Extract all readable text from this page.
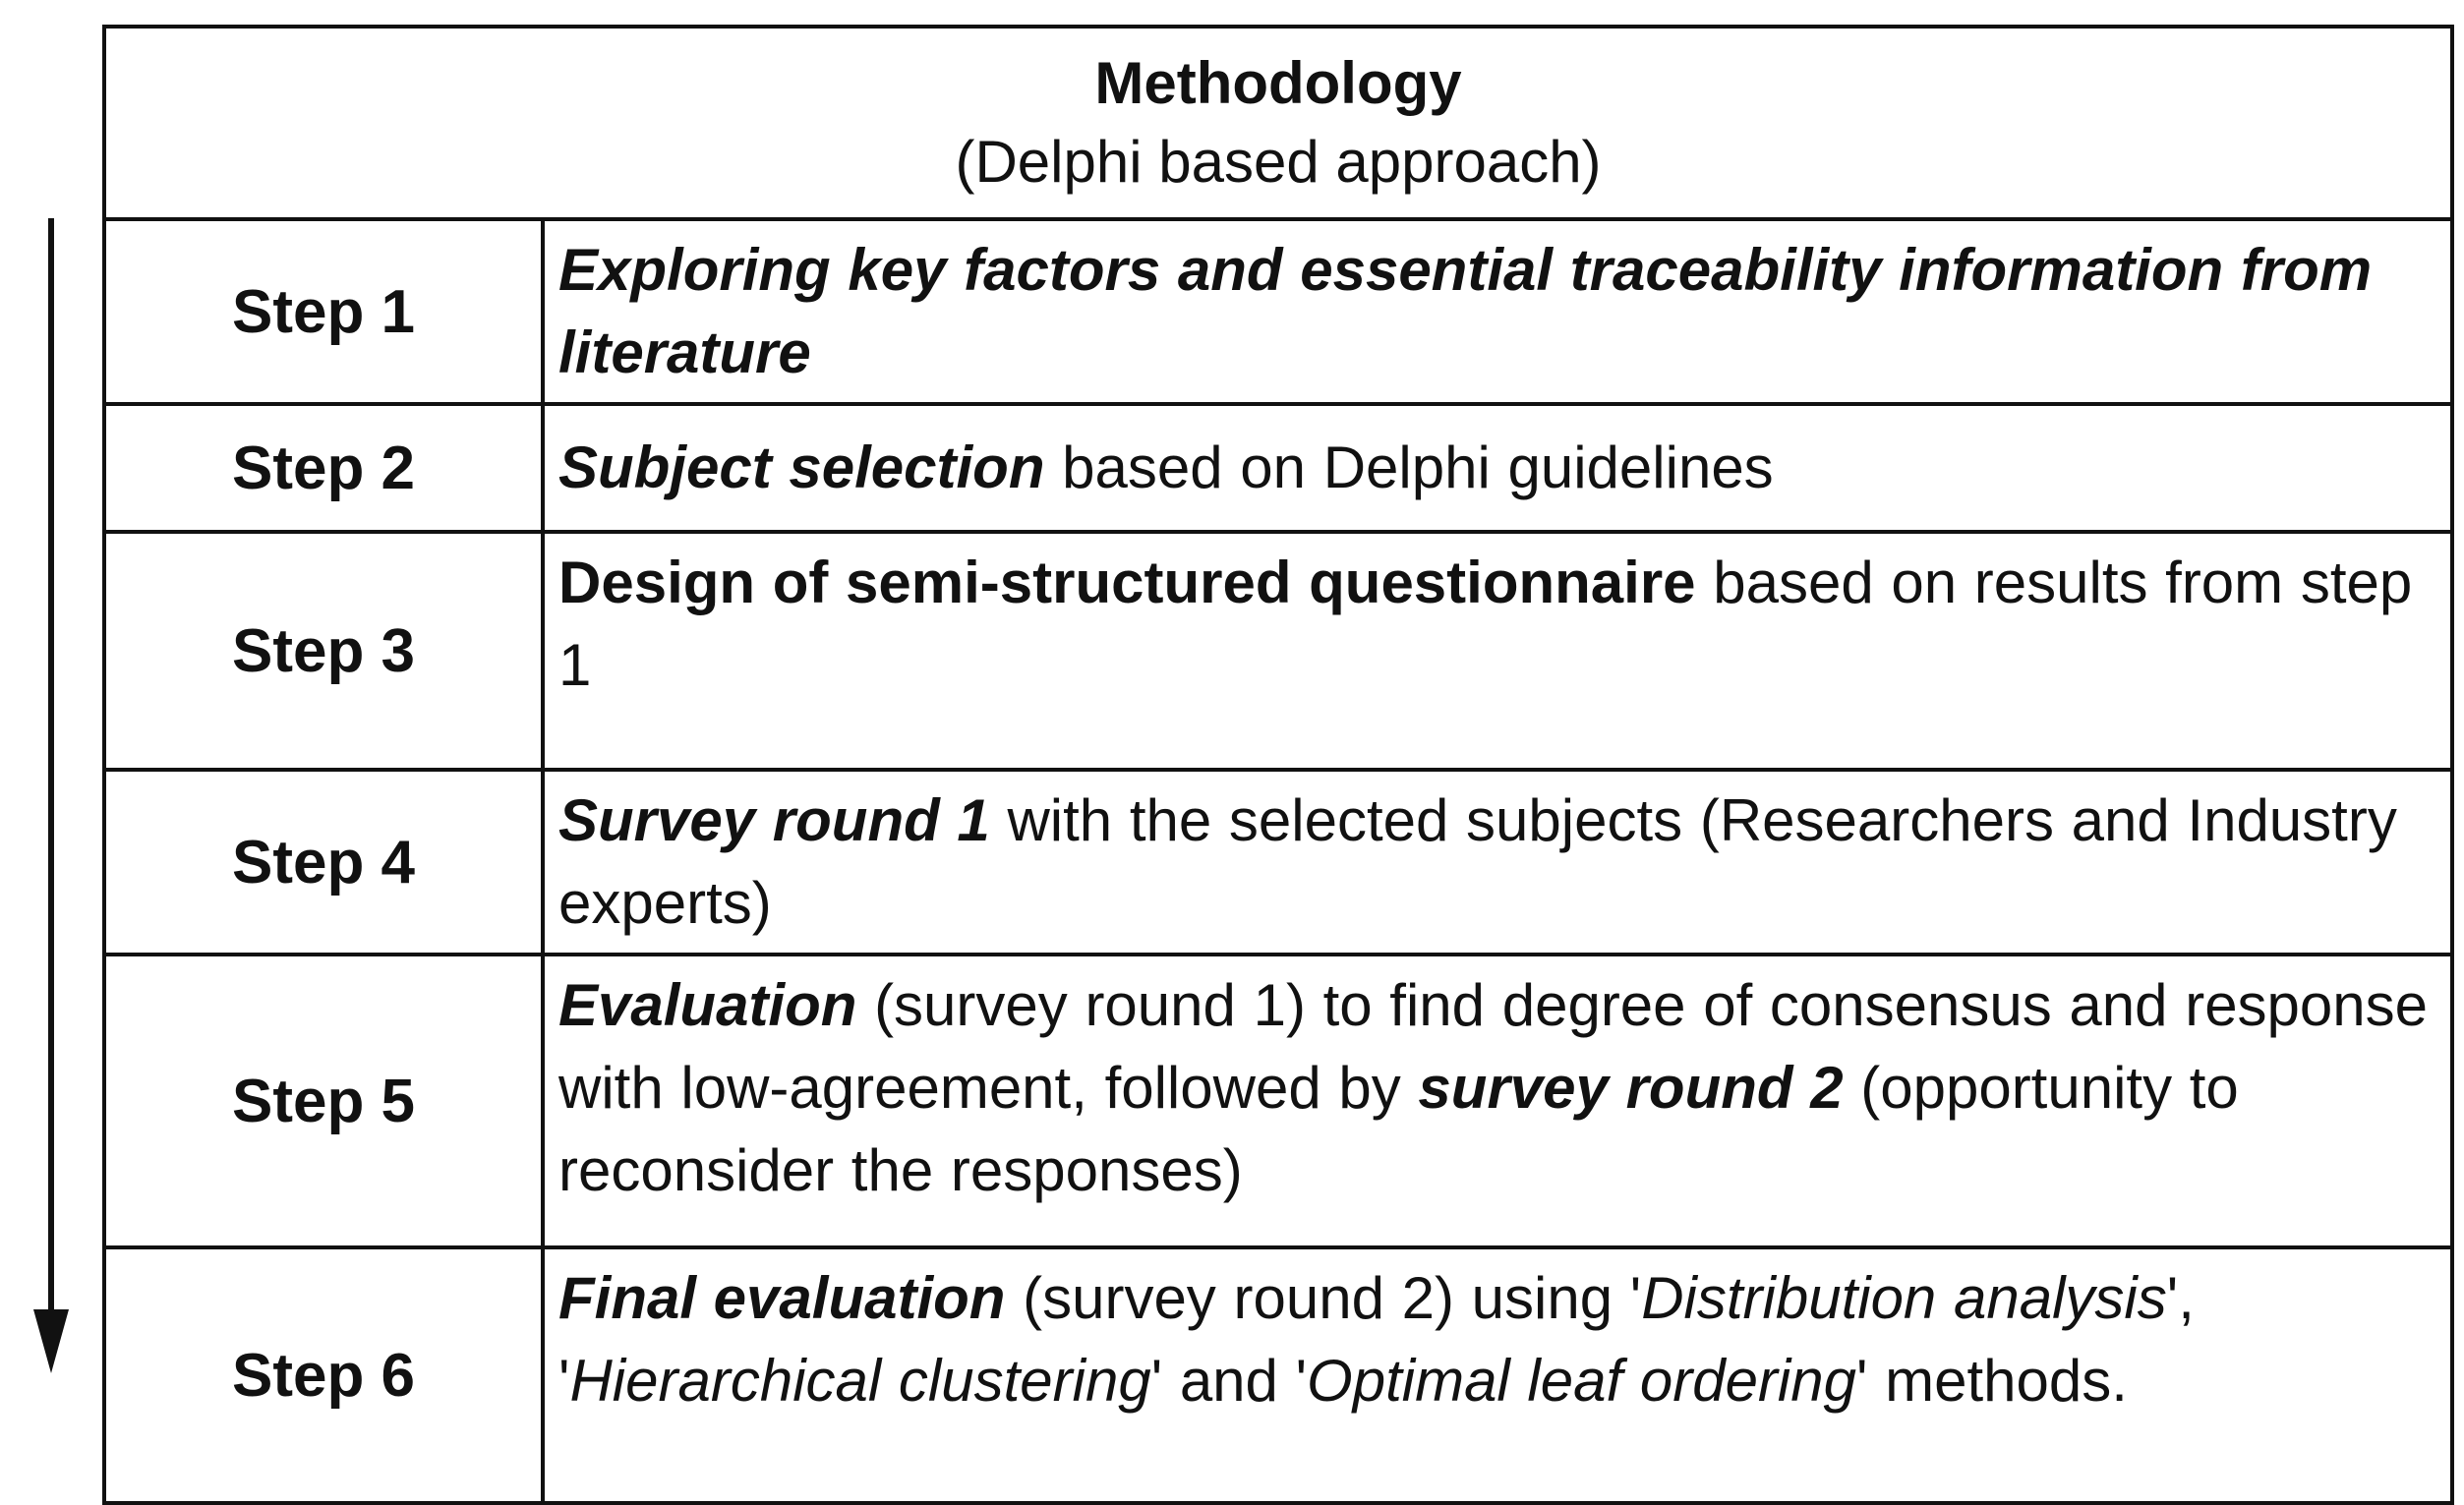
Methodology
(Delphi based approach)	

Step 1	Exploring key factors and essential traceability information from literature
Step 2	Subject selection based on Delphi guidelines
Step 3	Design of semi-structured questionnaire based on results from step 1
Step 4	Survey round 1 with the selected subjects (Researchers and Industry experts)
Step 5	Evaluation (survey round 1) to find degree of consensus and response with low-agreement, followed by survey round 2 (opportunity to reconsider the responses)
Step 6	Final evaluation (survey round 2) using 'Distribution analysis', 'Hierarchical clustering' and 'Optimal leaf ordering' methods.
